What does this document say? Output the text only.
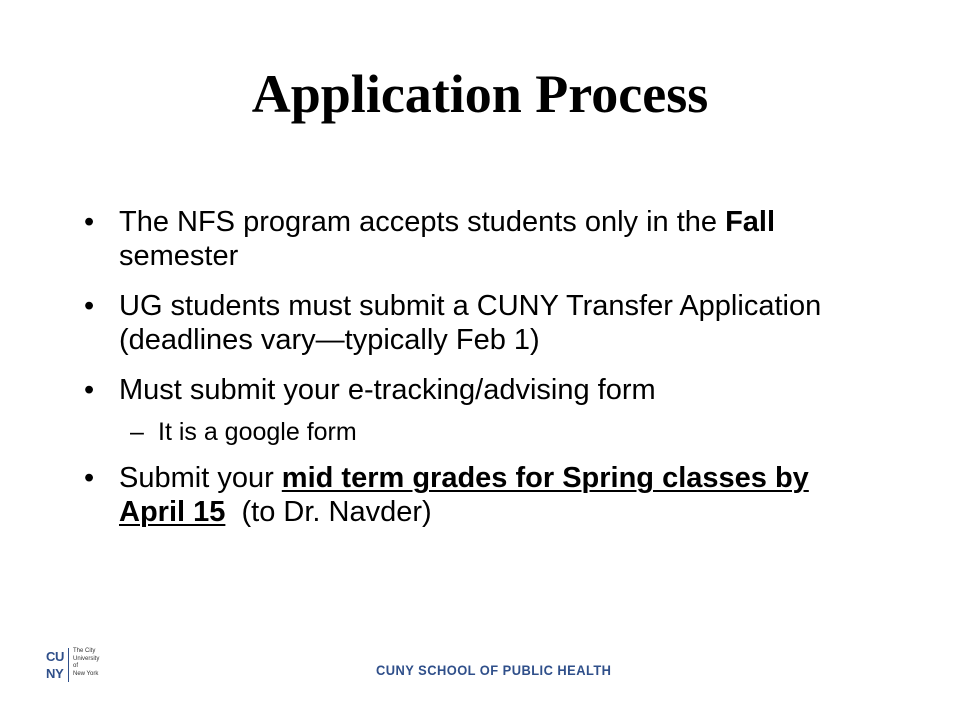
Application Process
• The NFS program accepts students only in the Fall semester
• UG students must submit a CUNY Transfer Application (deadlines vary—typically Feb 1)
• Must submit your e-tracking/advising form
– It is a google form
• Submit your mid term grades for Spring classes by April 15  (to Dr. Navder)
C U
N Y
The City
University
of
New York	CUNY SCHOOL OF PUBLIC HEALTH
